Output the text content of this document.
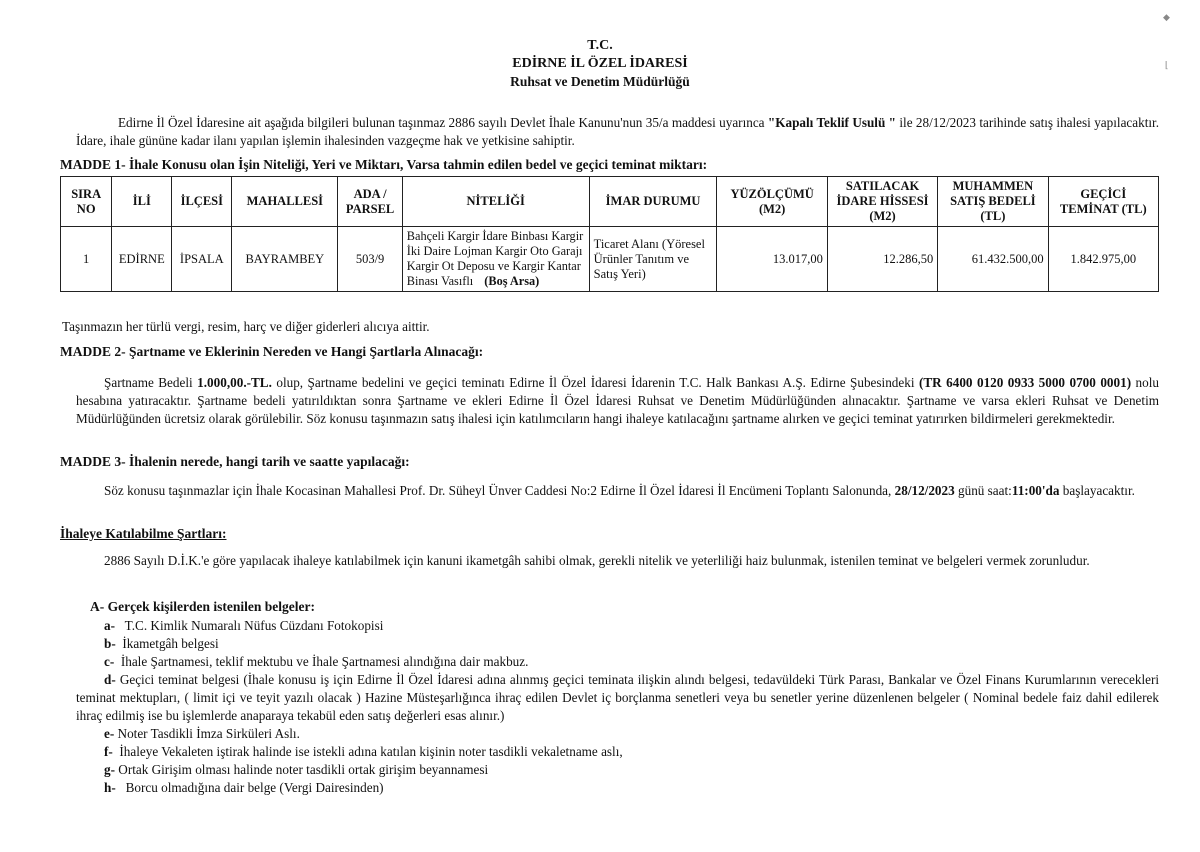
◆
⌊
T.C.
EDİRNE İL ÖZEL İDARESİ
Ruhsat ve Denetim Müdürlüğü
Edirne İl Özel İdaresine ait aşağıda bilgileri bulunan taşınmaz 2886 sayılı Devlet İhale Kanunu'nun 35/a maddesi uyarınca "Kapalı Teklif Usulü " ile 28/12/2023 tarihinde satış ihalesi yapılacaktır. İdare, ihale gününe kadar ilanı yapılan işlemin ihalesinden vazgeçme hak ve yetkisine sahiptir.
MADDE 1- İhale Konusu olan İşin Niteliği, Yeri ve Miktarı, Varsa tahmin edilen bedel ve geçici teminat miktarı:
SIRA NO	İLİ	İLÇESİ	MAHALLESİ	ADA / PARSEL	NİTELİĞİ	İMAR DURUMU	YÜZÖLÇÜMÜ (M2)	SATILACAK İDARE HİSSESİ (M2)	MUHAMMEN SATIŞ BEDELİ (TL)	GEÇİCİ TEMİNAT (TL)
1	EDİRNE	İPSALA	BAYRAMBEY	503/9	Bahçeli Kargir İdare Binbası Kargir İki Daire Lojman Kargir Oto Garajı Kargir Ot Deposu ve Kargir Kantar Binası Vasıflı (Boş Arsa)	Ticaret Alanı (Yöresel Ürünler Tanıtım ve Satış Yeri)	13.017,00	12.286,50	61.432.500,00	1.842.975,00
Taşınmazın her türlü vergi, resim, harç ve diğer giderleri alıcıya aittir.
MADDE 2- Şartname ve Eklerinin Nereden ve Hangi Şartlarla Alınacağı:
Şartname Bedeli 1.000,00.-TL. olup, Şartname bedelini ve geçici teminatı Edirne İl Özel İdaresi İdarenin T.C. Halk Bankası A.Ş. Edirne Şubesindeki (TR 6400 0120 0933 5000 0700 0001) nolu hesabına yatıracaktır. Şartname bedeli yatırıldıktan sonra Şartname ve ekleri Edirne İl Özel İdaresi Ruhsat ve Denetim Müdürlüğünden alınacaktır. Şartname ve varsa ekleri Ruhsat ve Denetim Müdürlüğünden ücretsiz olarak görülebilir. Söz konusu taşınmazın satış ihalesi için katılımcıların hangi ihaleye katılacağını şartname alırken ve geçici teminat yatırırken bildirmeleri gerekmektedir.
MADDE 3- İhalenin nerede, hangi tarih ve saatte yapılacağı:
Söz konusu taşınmazlar için İhale Kocasinan Mahallesi Prof. Dr. Süheyl Ünver Caddesi No:2 Edirne İl Özel İdaresi İl Encümeni Toplantı Salonunda, 28/12/2023 günü saat:11:00'da başlayacaktır.
İhaleye Katılabilme Şartları:
2886 Sayılı D.İ.K.'e göre yapılacak ihaleye katılabilmek için kanuni ikametgâh sahibi olmak, gerekli nitelik ve yeterliliği haiz bulunmak, istenilen teminat ve belgeleri vermek zorunludur.
A- Gerçek kişilerden istenilen belgeler:
a- T.C. Kimlik Numaralı Nüfus Cüzdanı Fotokopisi
b- İkametgâh belgesi
c- İhale Şartnamesi, teklif mektubu ve İhale Şartnamesi alındığına dair makbuz.
d- Geçici teminat belgesi (İhale konusu iş için Edirne İl Özel İdaresi adına alınmış geçici teminata ilişkin alındı belgesi, tedavüldeki Türk Parası, Bankalar ve Özel Finans Kurumlarının verecekleri teminat mektupları, ( limit içi ve teyit yazılı olacak ) Hazine Müsteşarlığınca ihraç edilen Devlet iç borçlanma senetleri veya bu senetler yerine düzenlenen belgeler ( Nominal bedele faiz dahil edilerek ihraç edilmiş ise bu işlemlerde anaparaya tekabül eden satış değerleri esas alınır.)
e- Noter Tasdikli İmza Sirküleri Aslı.
f- İhaleye Vekaleten iştirak halinde ise istekli adına katılan kişinin noter tasdikli vekaletname aslı,
g- Ortak Girişim olması halinde noter tasdikli ortak girişim beyannamesi
h- Borcu olmadığına dair belge (Vergi Dairesinden)
